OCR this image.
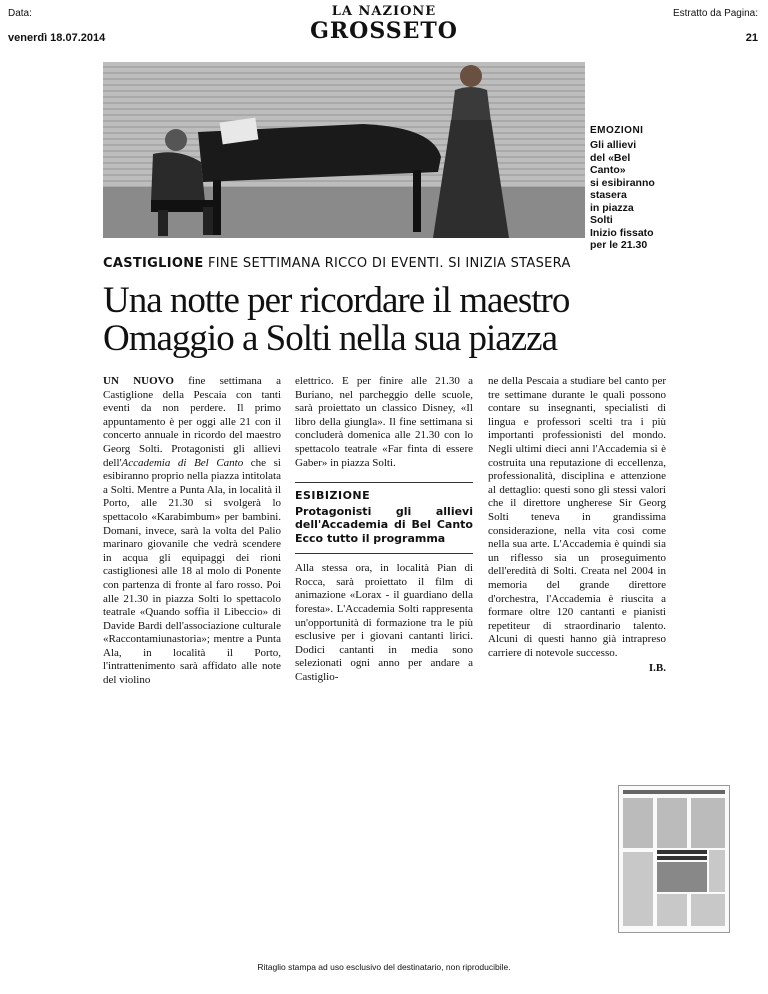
Data:
venerdì 18.07.2014
LA NAZIONE
GROSSETO
Estratto da Pagina:
21
EMOZIONI
Gli allievi
del «Bel
Canto»
si esibiranno
stasera
in piazza
Solti
Inizio fissato
per le 21.30
CASTIGLIONE FINE SETTIMANA RICCO DI EVENTI. SI INIZIA STASERA
Una notte per ricordare il maestro
Omaggio a Solti nella sua piazza

UN NUOVO fine settimana a Castiglione della Pescaia con tanti eventi da non perdere. Il primo appuntamento è per oggi alle 21 con il concerto annuale in ricordo del maestro Georg Solti. Protagonisti gli allievi dell'Accademia di Bel Canto che si esibiranno proprio nella piazza intitolata a Solti. Mentre a Punta Ala, in località il Porto, alle 21.30 si svolgerà lo spettacolo «Karabimbum» per bambini. Domani, invece, sarà la volta del Palio marinaro giovanile che vedrà scendere in acqua gli equipaggi dei rioni castiglionesi alle 18 al molo di Ponente con partenza di fronte al faro rosso. Poi alle 21.30 in piazza Solti lo spettacolo teatrale «Quando soffia il Libeccio» di Davide Bardi dell'associazione culturale «Raccontamiunastoria»; mentre a Punta Ala, in località il Porto, l'intrattenimento sarà affidato alle note del violino

elettrico. E per finire alle 21.30 a Buriano, nel parcheggio delle scuole, sarà proiettato un classico Disney, «Il libro della giungla». Il fine settimana si concluderà domenica alle 21.30 con lo spettacolo teatrale «Far finta di essere Gaber» in piazza Solti.

ESIBIZIONE
Protagonisti gli allievi dell'Accademia di Bel Canto Ecco tutto il programma

Alla stessa ora, in località Pian di Rocca, sarà proiettato il film di animazione «Lorax - il guardiano della foresta». L'Accademia Solti rappresenta un'opportunità di formazione tra le più esclusive per i giovani cantanti lirici. Dodici cantanti in media sono selezionati ogni anno per andare a Castiglio-

ne della Pescaia a studiare bel canto per tre settimane durante le quali possono contare su insegnanti, specialisti di lingua e professori scelti tra i più importanti professionisti del mondo. Negli ultimi dieci anni l'Accademia si è costruita una reputazione di eccellenza, professionalità, disciplina e attenzione al dettaglio: questi sono gli stessi valori che il direttore ungherese Sir Georg Solti teneva in grandissima considerazione, nella vita così come nella sua arte. L'Accademia è quindi sia un riflesso sia un proseguimento dell'eredità di Solti. Creata nel 2004 in memoria del grande direttore d'orchestra, l'Accademia è riuscita a formare oltre 120 cantanti e pianisti repetiteur di straordinario talento. Alcuni di questi hanno già intrapreso carriere di notevole successo.

I.B.
Ritaglio stampa ad uso esclusivo del destinatario, non riproducibile.
